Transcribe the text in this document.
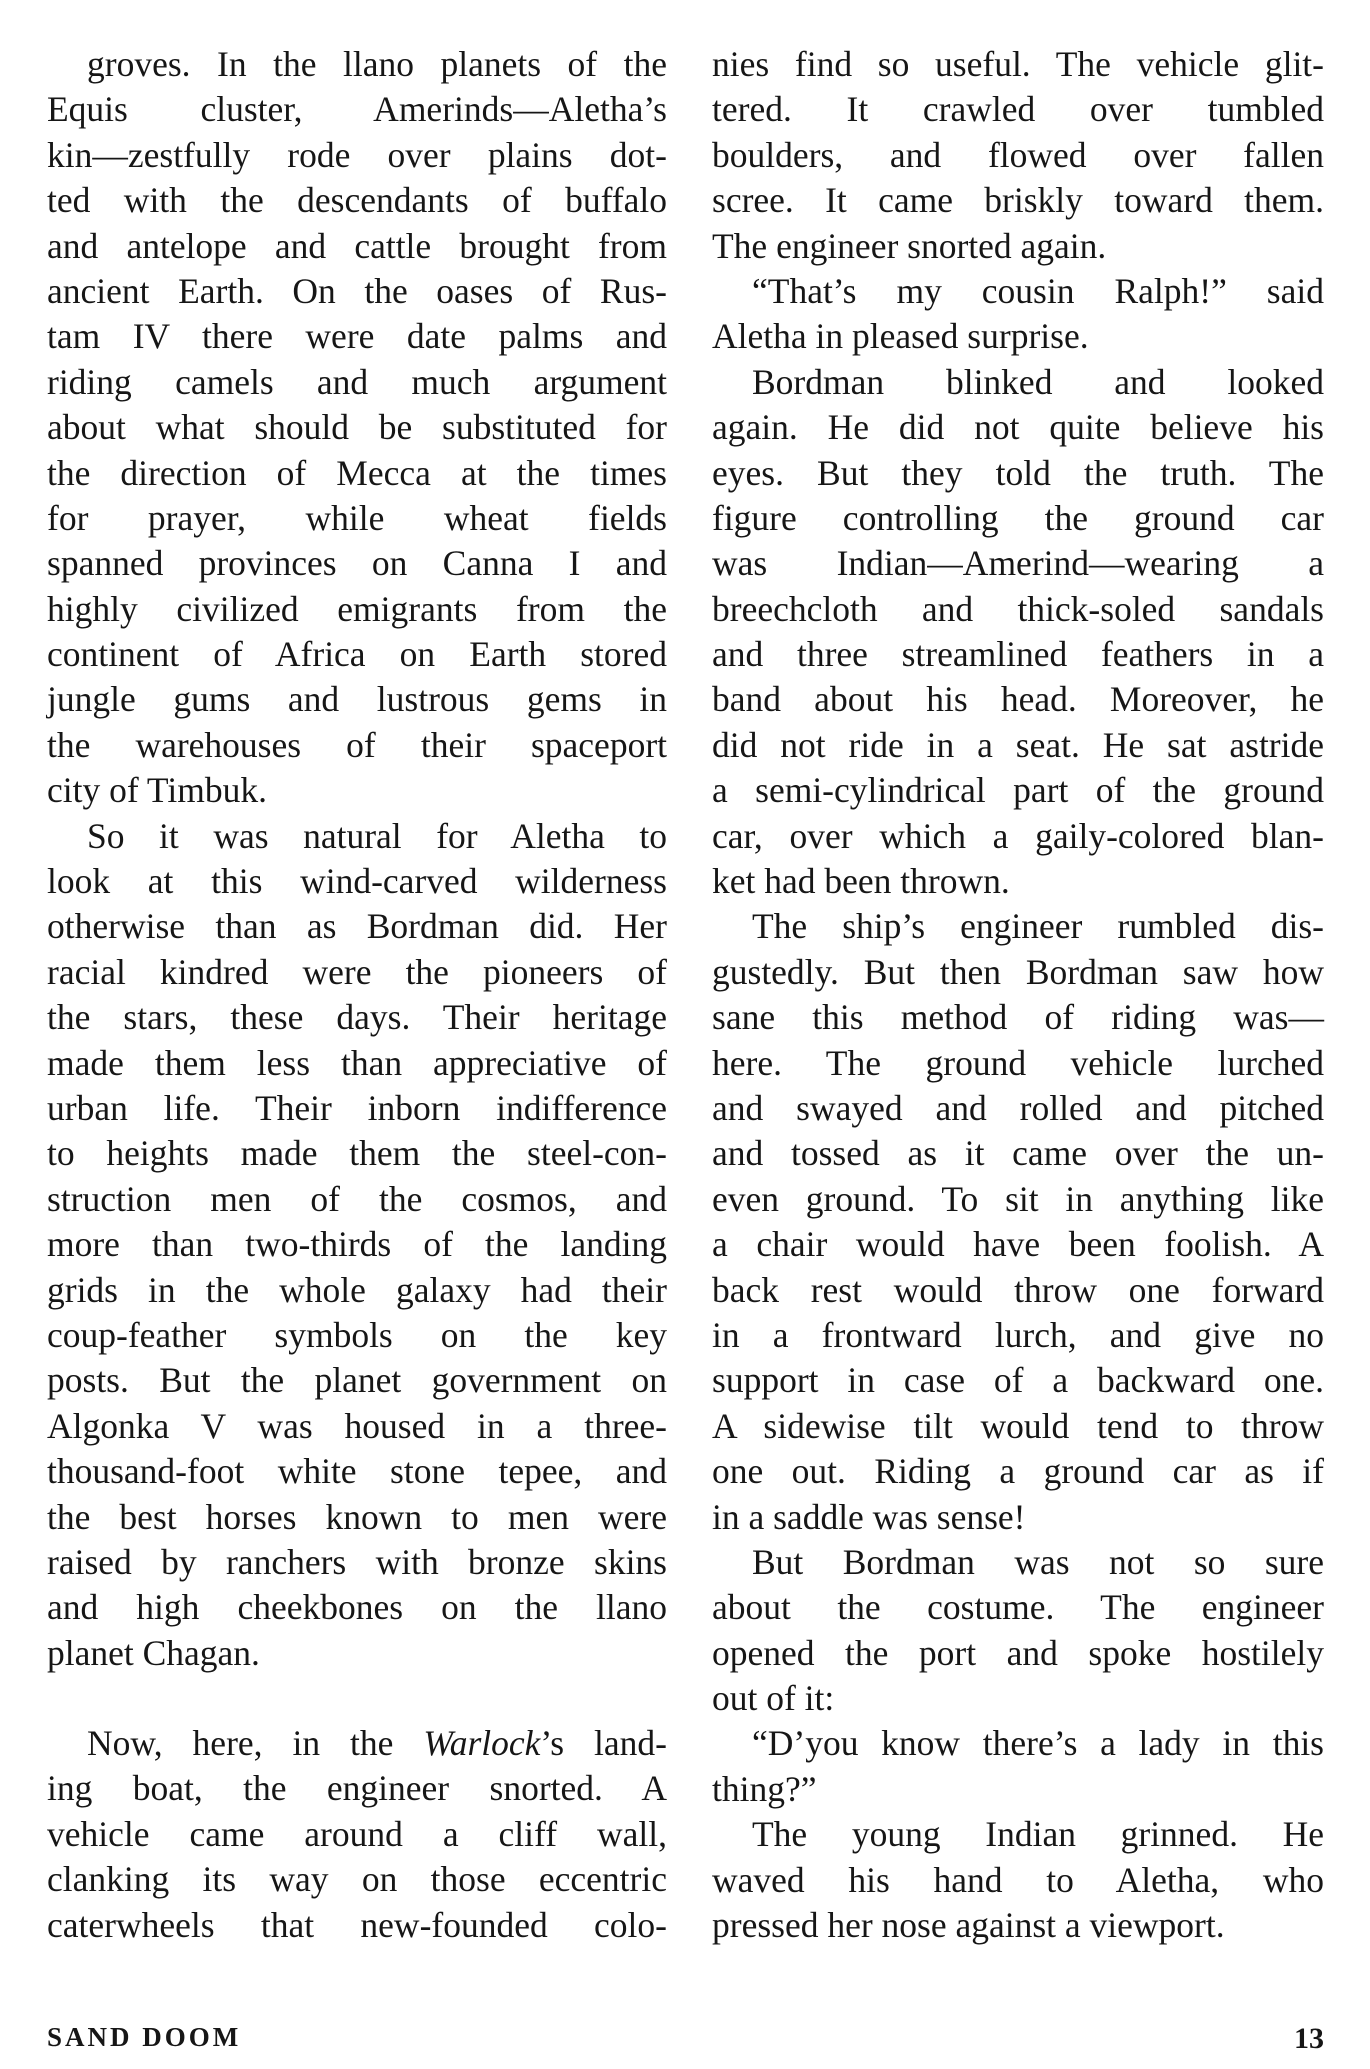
groves. In the llano planets of the
Equis cluster, Amerinds—Aletha’s
kin—zestfully rode over plains dot-
ted with the descendants of buffalo
and antelope and cattle brought from
ancient Earth. On the oases of Rus-
tam IV there were date palms and
riding camels and much argument
about what should be substituted for
the direction of Mecca at the times
for prayer, while wheat fields
spanned provinces on Canna I and
highly civilized emigrants from the
continent of Africa on Earth stored
jungle gums and lustrous gems in
the warehouses of their spaceport
city of Timbuk.
So it was natural for Aletha to
look at this wind-carved wilderness
otherwise than as Bordman did. Her
racial kindred were the pioneers of
the stars, these days. Their heritage
made them less than appreciative of
urban life. Their inborn indifference
to heights made them the steel-con-
struction men of the cosmos, and
more than two-thirds of the landing
grids in the whole galaxy had their
coup-feather symbols on the key
posts. But the planet government on
Algonka V was housed in a three-
thousand-foot white stone tepee, and
the best horses known to men were
raised by ranchers with bronze skins
and high cheekbones on the llano
planet Chagan.
Now, here, in the Warlock’s land-
ing boat, the engineer snorted. A
vehicle came around a cliff wall,
clanking its way on those eccentric
caterwheels that new-founded colo-
nies find so useful. The vehicle glit-
tered. It crawled over tumbled
boulders, and flowed over fallen
scree. It came briskly toward them.
The engineer snorted again.
“That’s my cousin Ralph!” said
Aletha in pleased surprise.
Bordman blinked and looked
again. He did not quite believe his
eyes. But they told the truth. The
figure controlling the ground car
was Indian—Amerind—wearing a
breechcloth and thick-soled sandals
and three streamlined feathers in a
band about his head. Moreover, he
did not ride in a seat. He sat astride
a semi-cylindrical part of the ground
car, over which a gaily-colored blan-
ket had been thrown.
The ship’s engineer rumbled dis-
gustedly. But then Bordman saw how
sane this method of riding was—
here. The ground vehicle lurched
and swayed and rolled and pitched
and tossed as it came over the un-
even ground. To sit in anything like
a chair would have been foolish. A
back rest would throw one forward
in a frontward lurch, and give no
support in case of a backward one.
A sidewise tilt would tend to throw
one out. Riding a ground car as if
in a saddle was sense!
But Bordman was not so sure
about the costume. The engineer
opened the port and spoke hostilely
out of it:
“D’you know there’s a lady in this
thing?”
The young Indian grinned. He
waved his hand to Aletha, who
pressed her nose against a viewport.
SAND DOOM	13
